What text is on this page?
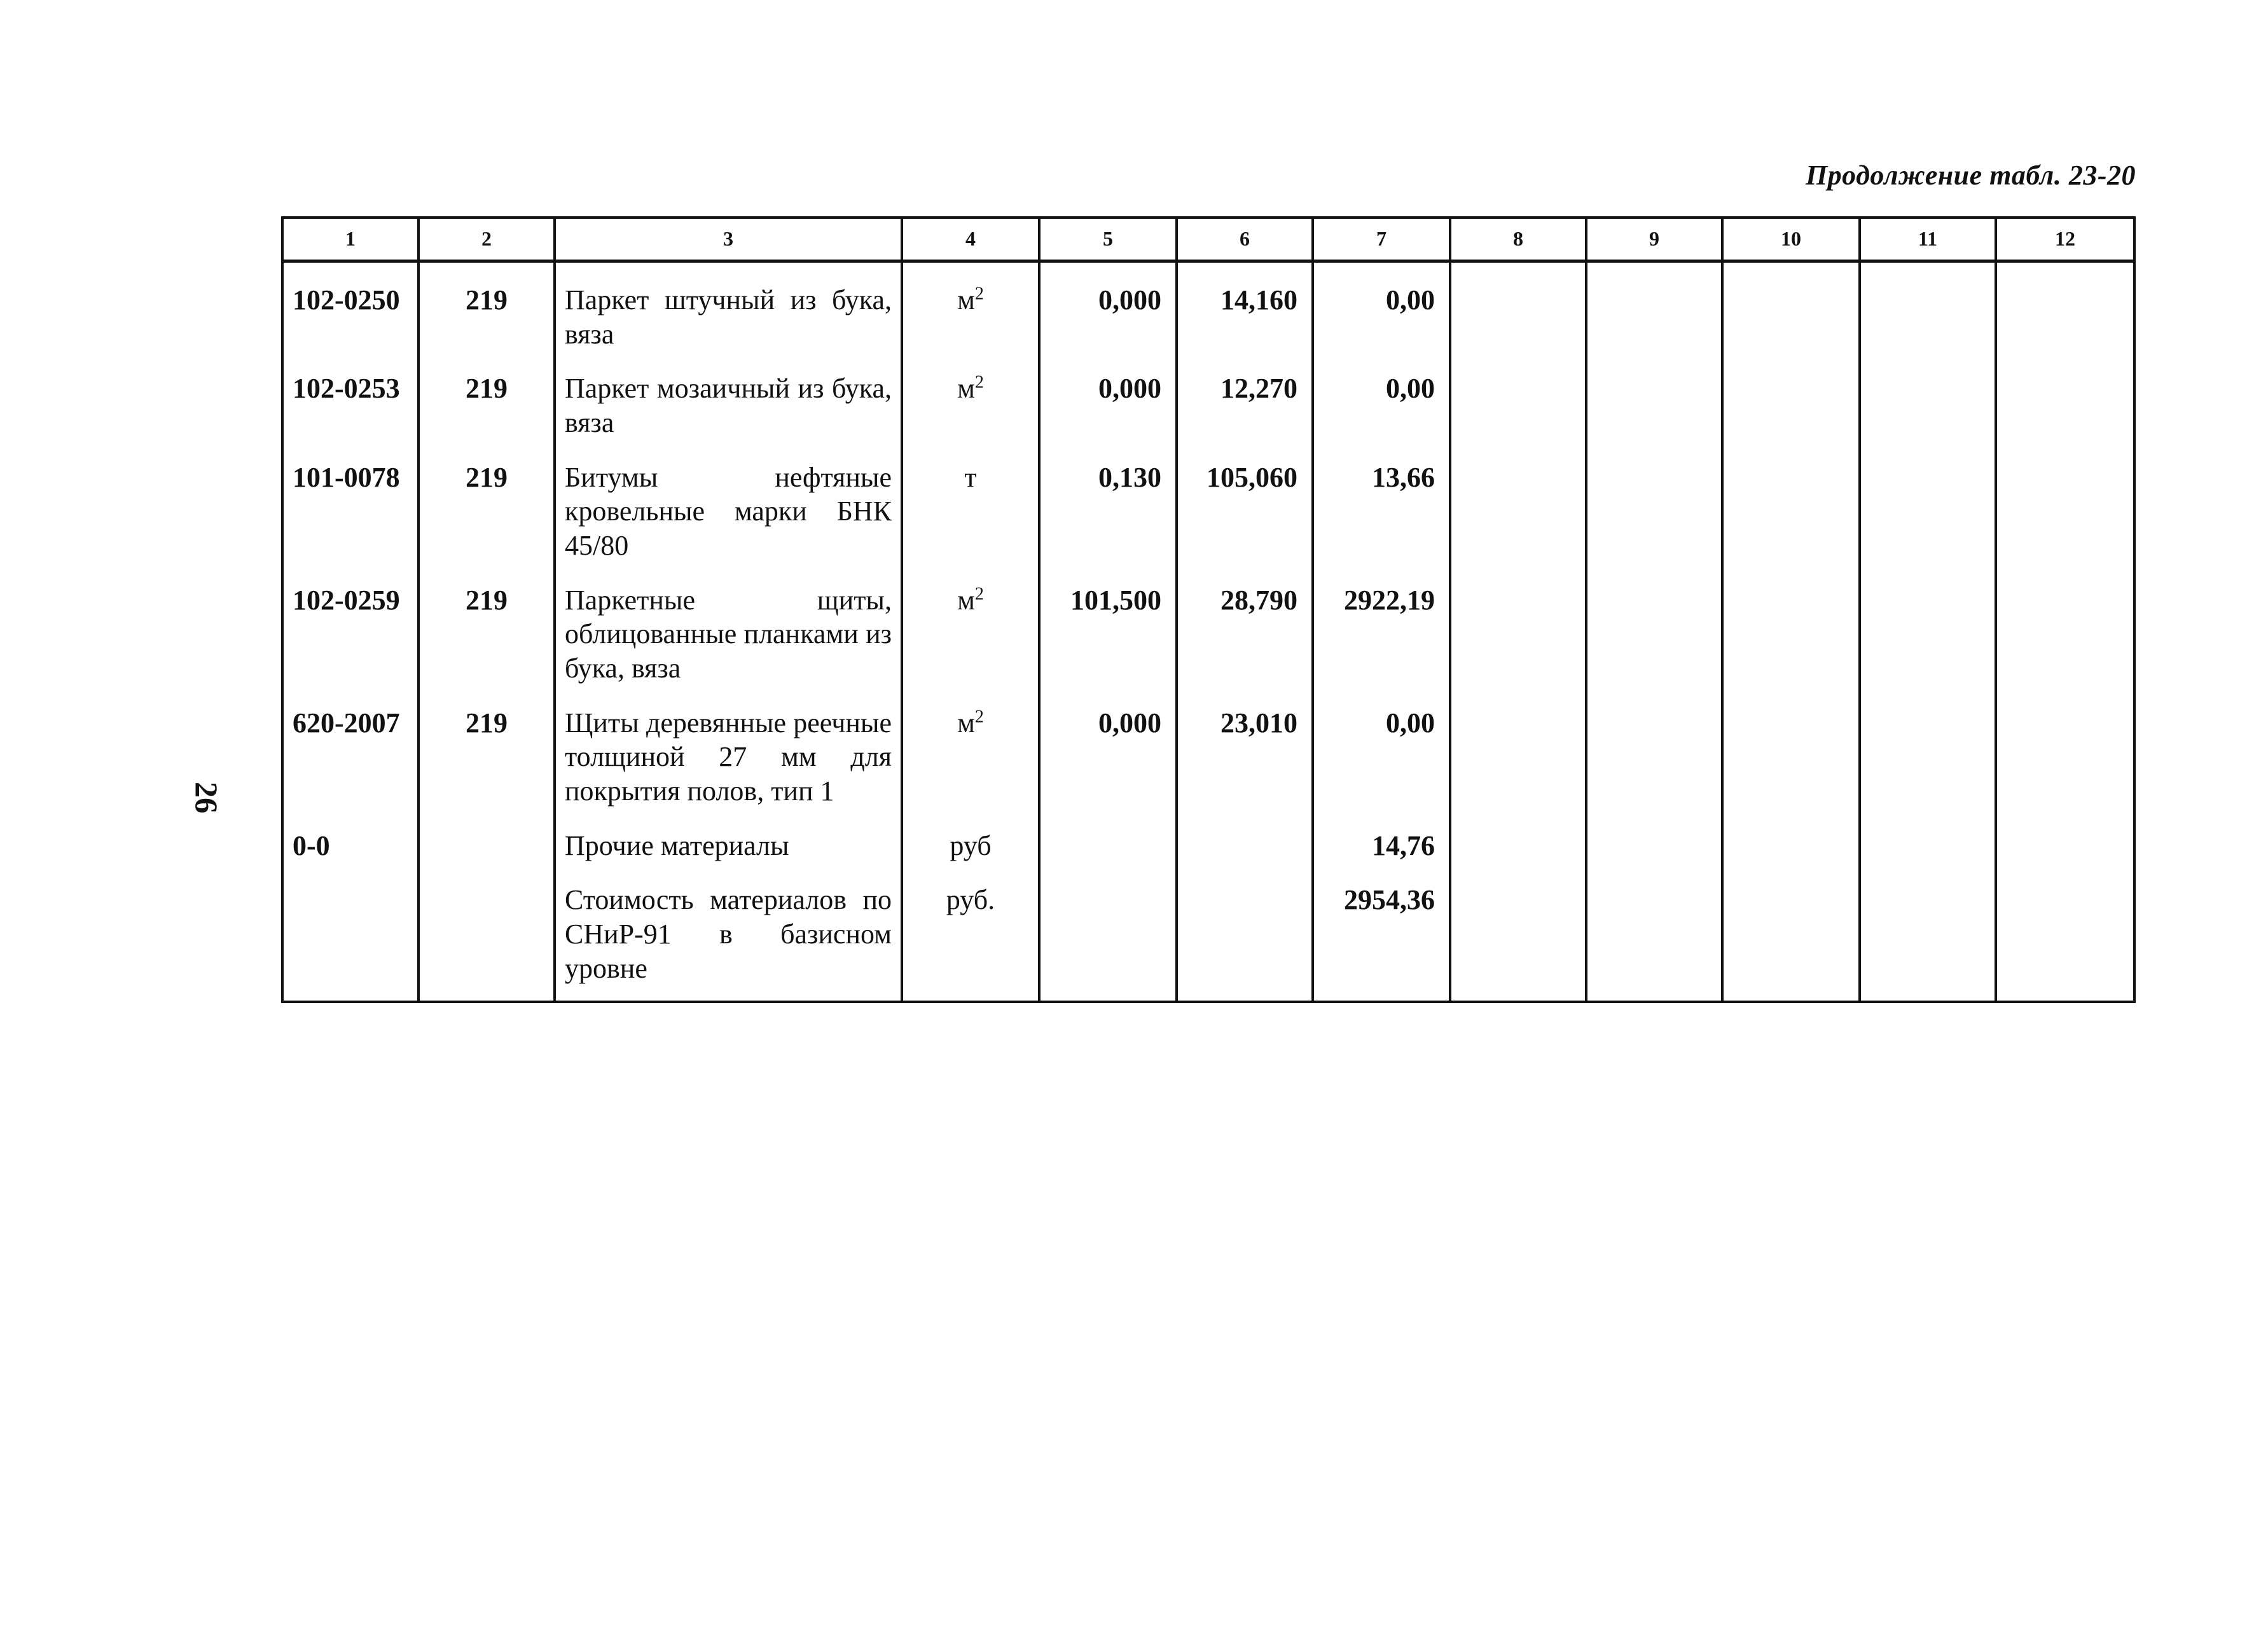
Продолжение табл. 23-20
26
1	2	3	4	5	6	7	8	9	10	11	12
102-0250	219	Паркет штучный из бука, вяза	$м^2$	0,000	14,160	0,00					
102-0253	219	Паркет мозаичный из бука, вяза	$м^2$	0,000	12,270	0,00					
101-0078	219	Битумы нефтяные кровельные марки БНК 45/80	т	0,130	105,060	13,66					
102-0259	219	Паркетные щиты, облицованные планками из бука, вяза	$м^2$	101,500	28,790	2922,19					
620-2007	219	Щиты деревянные реечные толщиной 27 мм для покрытия полов, тип 1	$м^2$	0,000	23,010	0,00					
0-0		Прочие материалы	руб			14,76					
		Стоимость материалов по СНиР-91 в базисном уровне	руб.			2954,36					
